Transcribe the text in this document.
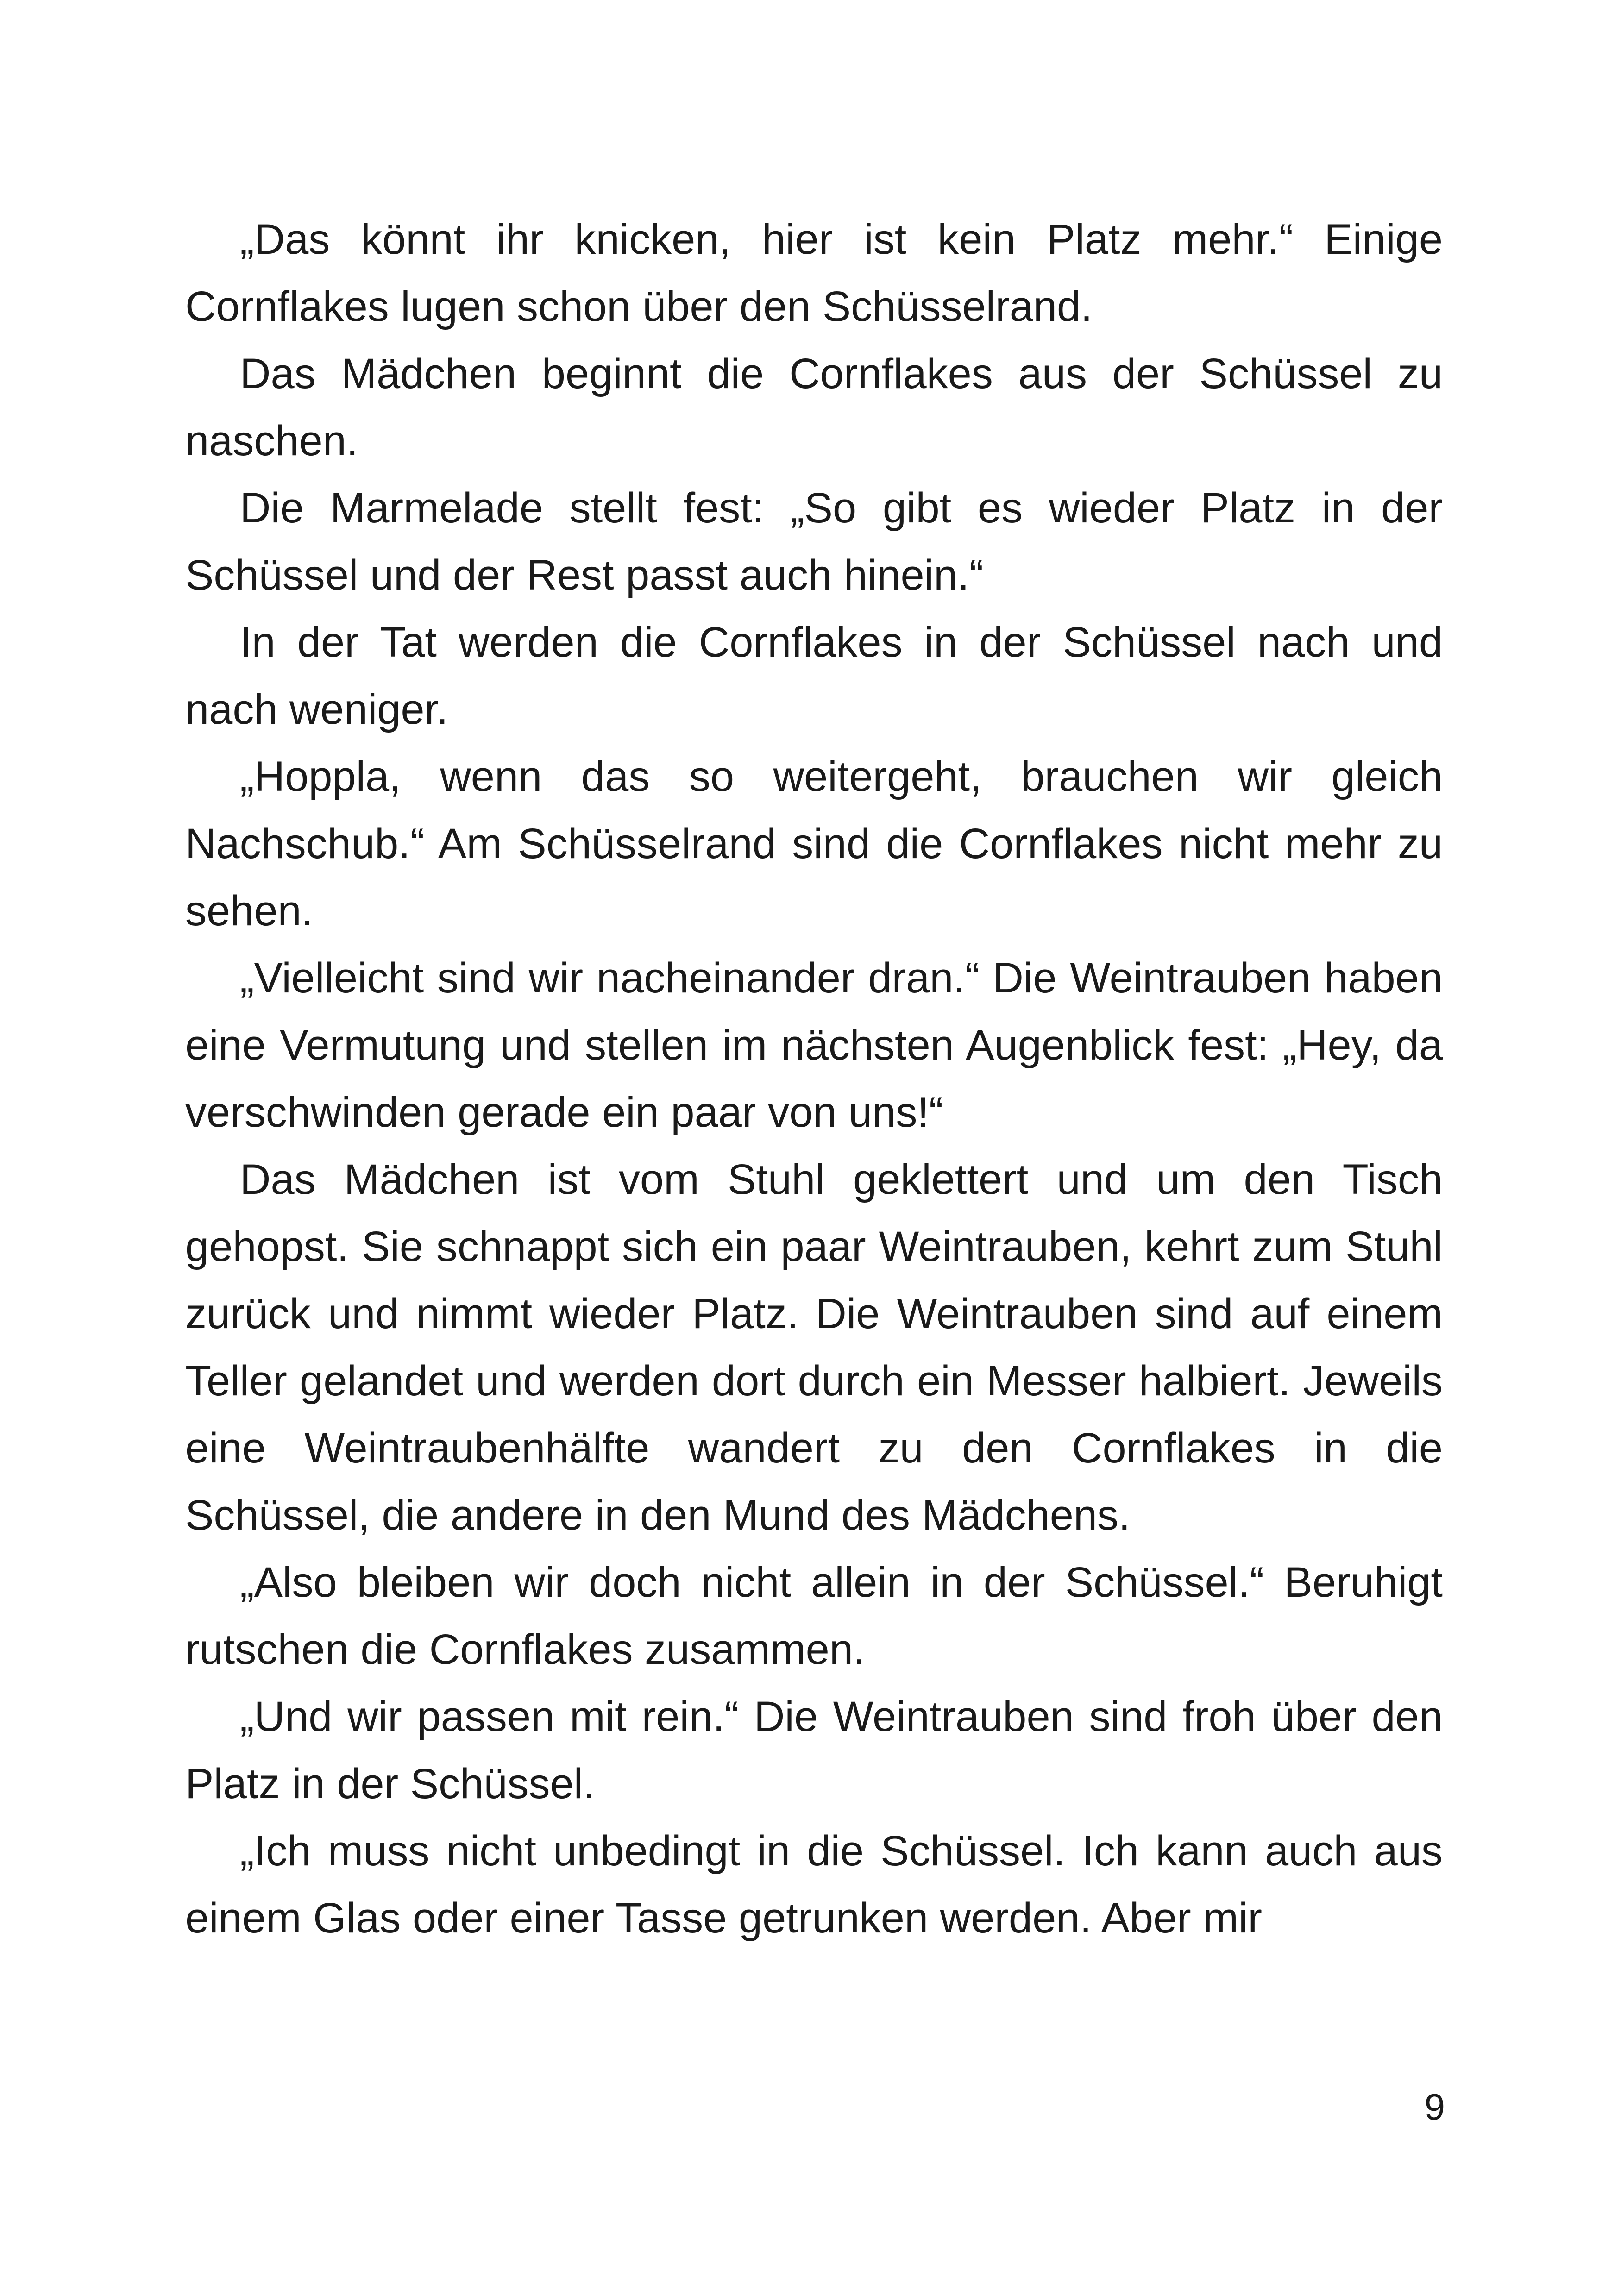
„Das könnt ihr knicken, hier ist kein Platz mehr.“ Einige Cornflakes lugen schon über den Schüsselrand.

Das Mädchen beginnt die Cornflakes aus der Schüssel zu naschen.

Die Marmelade stellt fest: „So gibt es wieder Platz in der Schüssel und der Rest passt auch hinein.“

In der Tat werden die Cornflakes in der Schüssel nach und nach weniger.

„Hoppla, wenn das so weitergeht, brauchen wir gleich Nachschub.“ Am Schüsselrand sind die Cornflakes nicht mehr zu sehen.

„Vielleicht sind wir nacheinander dran.“ Die Weintrauben haben eine Vermutung und stellen im nächsten Augenblick fest: „Hey, da verschwinden gerade ein paar von uns!“

Das Mädchen ist vom Stuhl geklettert und um den Tisch gehopst. Sie schnappt sich ein paar Weintrauben, kehrt zum Stuhl zurück und nimmt wieder Platz. Die Weintrauben sind auf einem Teller gelandet und werden dort durch ein Messer halbiert. Jeweils eine Weintraubenhälfte wandert zu den Cornflakes in die Schüssel, die andere in den Mund des Mädchens.

„Also bleiben wir doch nicht allein in der Schüssel.“ Beruhigt rutschen die Cornflakes zusammen.

„Und wir passen mit rein.“ Die Weintrauben sind froh über den Platz in der Schüssel.

„Ich muss nicht unbedingt in die Schüssel. Ich kann auch aus einem Glas oder einer Tasse getrunken werden. Aber mir

9
